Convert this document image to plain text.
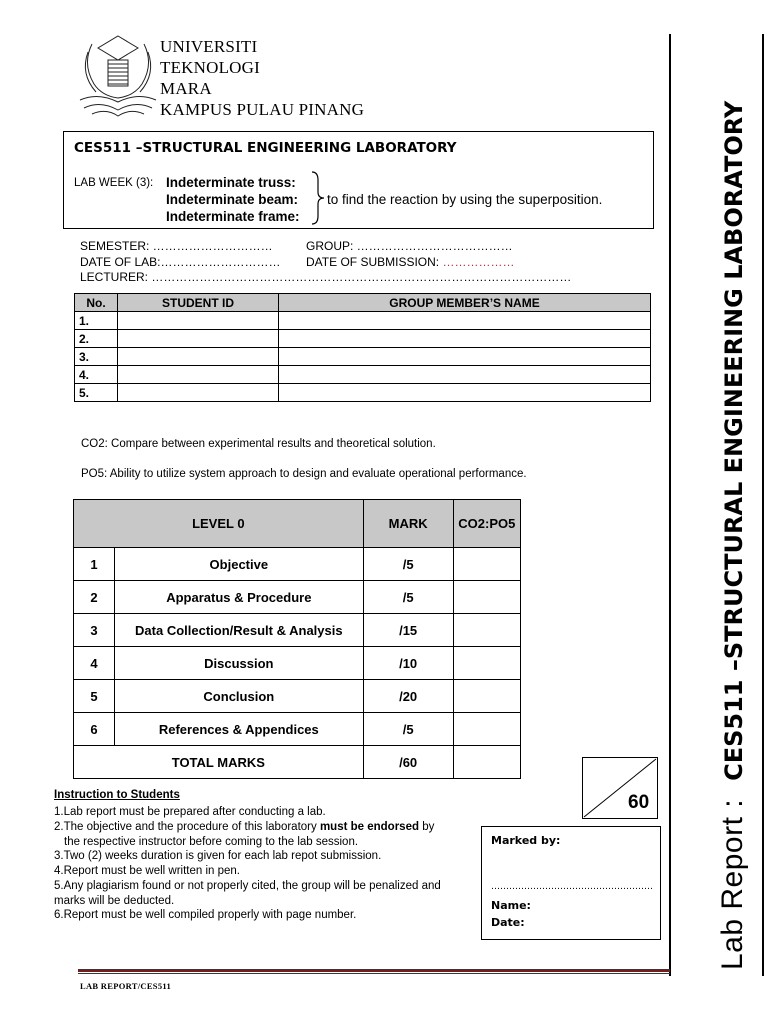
UNIVERSITI
TEKNOLOGI
MARA
KAMPUS PULAU PINANG
CES511 –STRUCTURAL ENGINEERING LABORATORY
LAB WEEK (3): Indeterminate truss:
Indeterminate beam:
Indeterminate frame:
to find the reaction by using the superposition.
SEMESTER: …………………………	GROUP: …………………………………
DATE OF LAB:………………………… DATE OF SUBMISSION: ………………
LECTURER: ……………………………………………………………………………………………
No.	STUDENT ID	GROUP MEMBER’S NAME
1.		
2.		
3.		
4.		
5.		
CO2: Compare between experimental results and theoretical solution.
PO5: Ability to utilize system approach to design and evaluate operational performance.
LEVEL 0		MARK	CO2:PO5
1	Objective	/5	
2	Apparatus & Procedure	/5	
3	Data Collection/Result & Analysis	/15	
4	Discussion	/10	
5	Conclusion	/20	
6	References & Appendices	/5	
TOTAL MARKS		/60	
60
Instruction to Students
1.Lab report must be prepared after conducting a lab.
2.The objective and the procedure of this laboratory must be endorsed by
the respective instructor before coming to the lab session.
3.Two (2) weeks duration is given for each lab repot submission.
4.Report must be well written in pen.
5.Any plagiarism found or not properly cited, the group will be penalized and
marks will be deducted.
6.Report must be well compiled properly with page number.
Marked by:
………………………………………………
Name:
Date:	Lab Report :CES511 –STRUCTURAL ENGINEERING LABORATORY
LAB REPORT/CES511
